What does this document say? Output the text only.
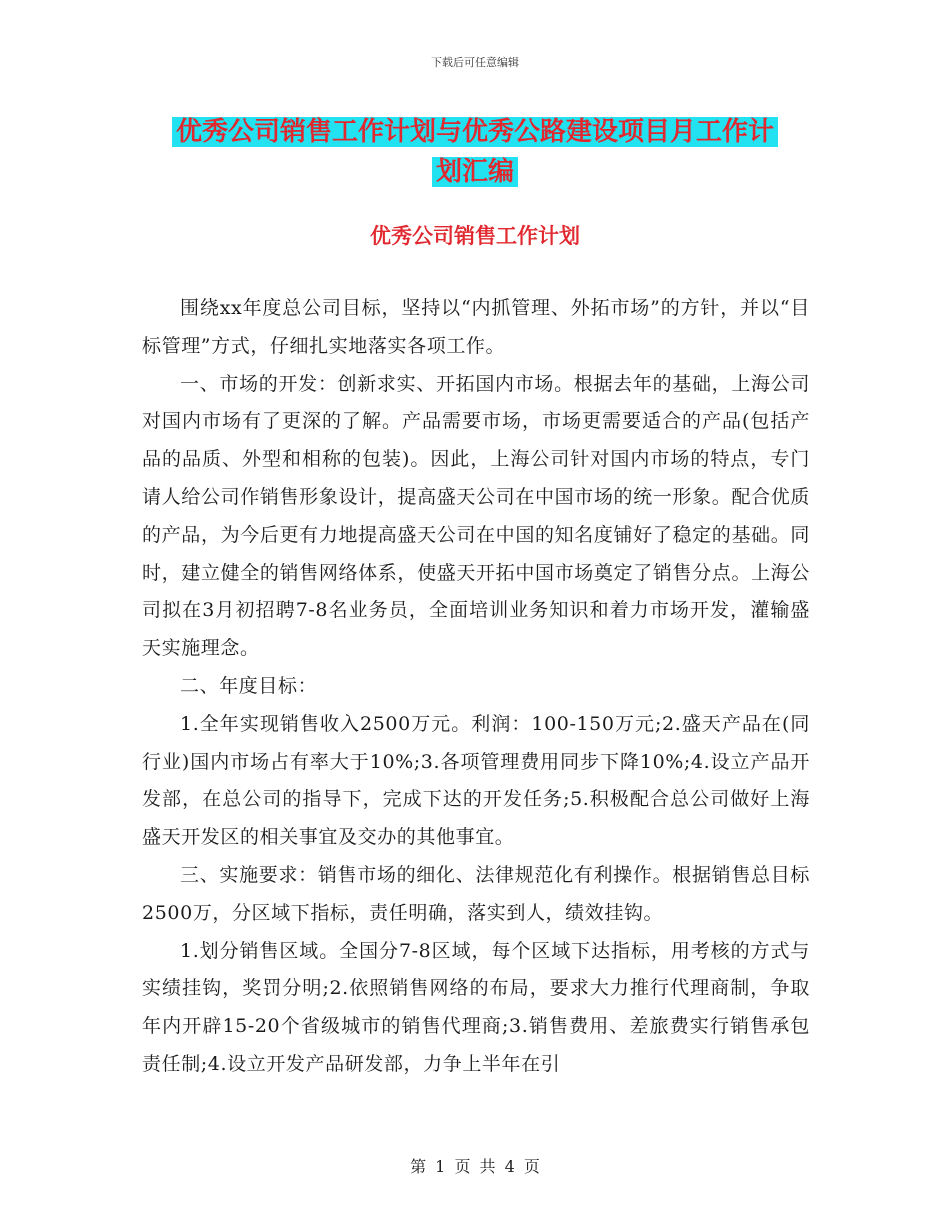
下载后可任意编辑
优秀公司销售工作计划与优秀公路建设项目月工作计
划汇编
优秀公司销售工作计划

围绕xx年度总公司目标，坚持以“内抓管理、外拓市场”的方针，并以“目标管理”方式，仔细扎实地落实各项工作。

一、市场的开发：创新求实、开拓国内市场。根据去年的基础，上海公司对国内市场有了更深的了解。产品需要市场，市场更需要适合的产品(包括产品的品质、外型和相称的包装)。因此，上海公司针对国内市场的特点，专门请人给公司作销售形象设计，提高盛天公司在中国市场的统一形象。配合优质的产品，为今后更有力地提高盛天公司在中国的知名度铺好了稳定的基础。同时，建立健全的销售网络体系，使盛天开拓中国市场奠定了销售分点。上海公司拟在3月初招聘7-8名业务员，全面培训业务知识和着力市场开发，灌输盛天实施理念。

二、年度目标：

1.全年实现销售收入2500万元。利润：100-150万元;2.盛天产品在(同行业)国内市场占有率大于10%;3.各项管理费用同步下降10%;4.设立产品开发部，在总公司的指导下，完成下达的开发任务;5.积极配合总公司做好上海盛天开发区的相关事宜及交办的其他事宜。

三、实施要求：销售市场的细化、法律规范化有利操作。根据销售总目标2500万，分区域下指标，责任明确，落实到人，绩效挂钩。

1.划分销售区域。全国分7-8区域，每个区域下达指标，用考核的方式与实绩挂钩，奖罚分明;2.依照销售网络的布局，要求大力推行代理商制，争取年内开辟15-20个省级城市的销售代理商;3.销售费用、差旅费实行销售承包责任制;4.设立开发产品研发部，力争上半年在引

第 1 页 共 4 页
